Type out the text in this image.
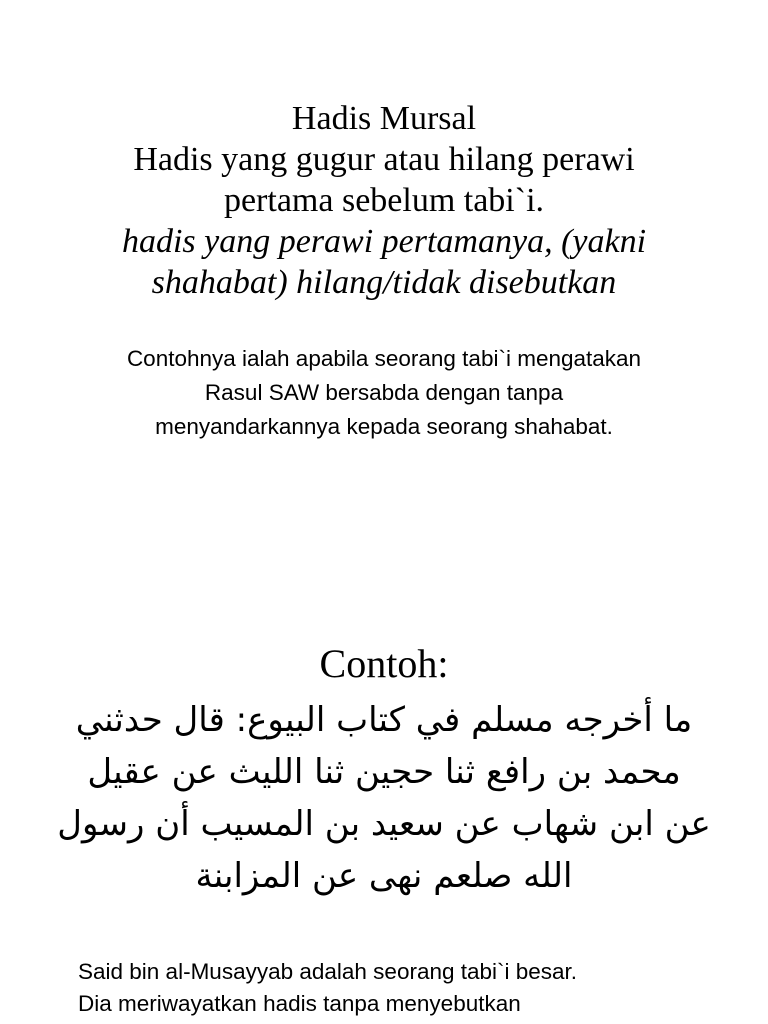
Hadis Mursal
Hadis yang gugur atau hilang perawi
pertama sebelum tabi`i.
hadis yang perawi pertamanya, (yakni
shahabat) hilang/tidak disebutkan
Contohnya ialah apabila seorang tabi`i mengatakan
Rasul SAW bersabda dengan tanpa
menyandarkannya kepada seorang shahabat.
Contoh:
ما أخرجه مسلم في كتاب البيوع: قال حدثني
محمد بن رافع ثنا حجين ثنا الليث عن عقيل
عن ابن شهاب عن سعيد بن المسيب أن رسول
الله صلعم نهى عن المزابنة
Said bin al-Musayyab adalah seorang tabi`i besar.
Dia meriwayatkan hadis tanpa menyebutkan
